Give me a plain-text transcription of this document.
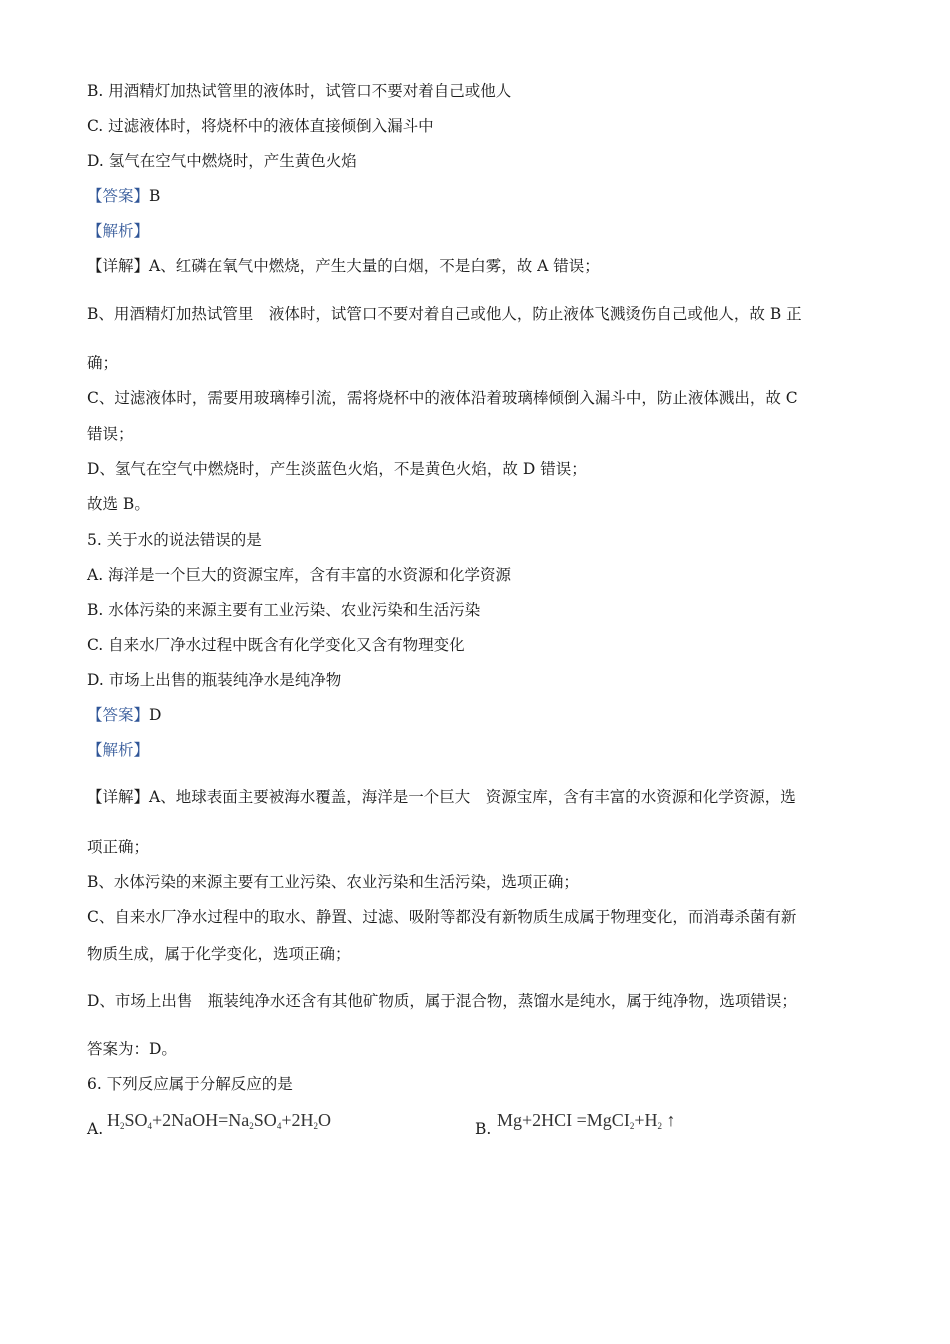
B. 用酒精灯加热试管里的液体时，试管口不要对着自己或他人
C. 过滤液体时，将烧杯中的液体直接倾倒入漏斗中
D. 氢气在空气中燃烧时，产生黄色火焰
【答案】B
【解析】
【详解】A、红磷在氧气中燃烧，产生大量的白烟，不是白雾，故 A 错误；
B、用酒精灯加热试管里　液体时，试管口不要对着自己或他人，防止液体飞溅烫伤自己或他人，故 B 正
确；
C、过滤液体时，需要用玻璃棒引流，需将烧杯中的液体沿着玻璃棒倾倒入漏斗中，防止液体溅出，故 C
错误；
D、氢气在空气中燃烧时，产生淡蓝色火焰，不是黄色火焰，故 D 错误；
故选 B。
5. 关于水的说法错误的是
A. 海洋是一个巨大的资源宝库，含有丰富的水资源和化学资源
B. 水体污染的来源主要有工业污染、农业污染和生活污染
C. 自来水厂净水过程中既含有化学变化又含有物理变化
D. 市场上出售的瓶装纯净水是纯净物
【答案】D
【解析】
【详解】A、地球表面主要被海水覆盖，海洋是一个巨大　资源宝库，含有丰富的水资源和化学资源，选
项正确；
B、水体污染的来源主要有工业污染、农业污染和生活污染，选项正确；
C、自来水厂净水过程中的取水、静置、过滤、吸附等都没有新物质生成属于物理变化，而消毒杀菌有新
物质生成，属于化学变化，选项正确；
D、市场上出售　瓶装纯净水还含有其他矿物质，属于混合物，蒸馏水是纯水，属于纯净物，选项错误；
答案为：D。
6. 下列反应属于分解反应的是
A. $H_2SO_4+2NaOH=Na_2SO_4+2H_2O$	B. $Mg+2HCI =MgCI_2+H_2$ ↑
